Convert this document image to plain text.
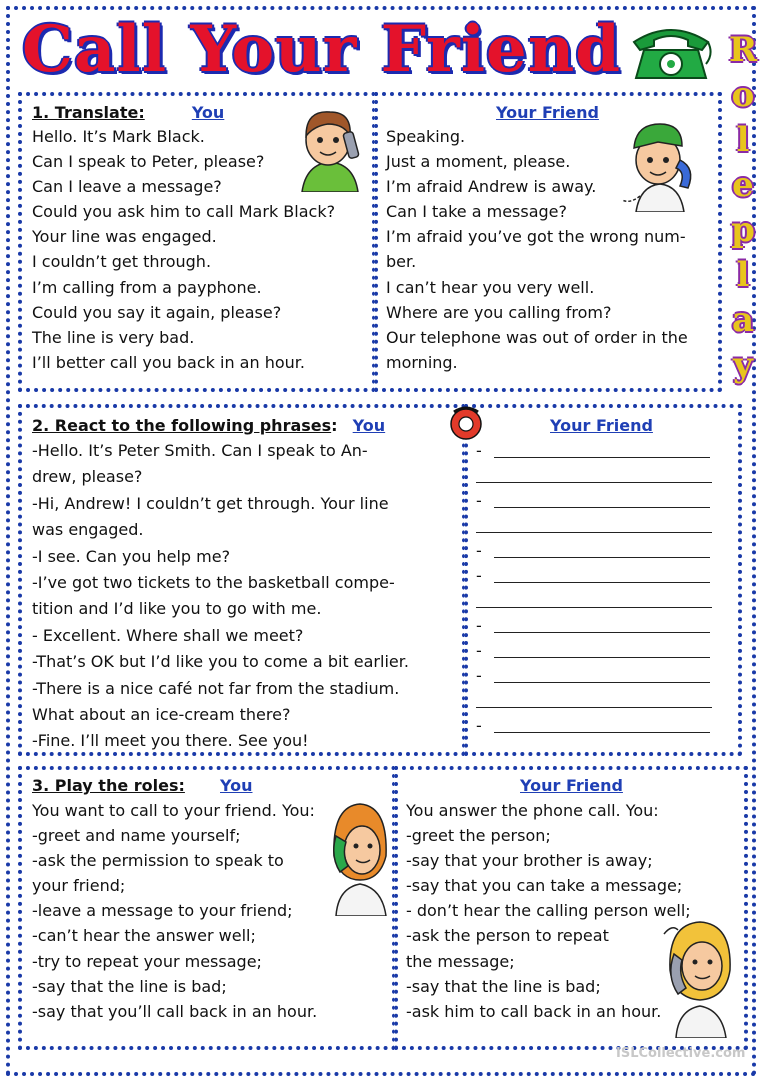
Call Your Friend	R
o
l
e
p
l
a
y
1. Translate:	You
Hello. It’s Mark Black.
Can I speak to Peter, please?
Can I leave a message?
Could you ask him to call Mark Black?
Your line was engaged.
I couldn’t get through.
I’m calling from a payphone.
Could you say it again, please?
The line is very bad.
I’ll better call you back in an hour.
Your Friend
Speaking.
Just a moment, please.
I’m afraid Andrew is away.
Can I take a message?
I’m afraid you’ve got the wrong num-
ber.
I can’t hear you very well.
Where are you calling from?
Our telephone was out of order in the
morning.
2. React to the following phrases: You
-Hello. It’s Peter Smith. Can I speak to An-
drew, please?
-Hi, Andrew! I couldn’t get through. Your line
was engaged.
-I see. Can you help me?
-I’ve got two tickets to the basketball compe-
tition and I’d like you to go with me.
- Excellent. Where shall we meet?
-That’s OK but I’d like you to come a bit earlier.
-There is a nice café not far from the stadium.
What about an ice-cream there?
-Fine. I’ll meet you there. See you!
Your Friend
-
-
-
-
-
-
-
-
3. Play the roles: You
You want to call to your friend. You:
-greet and name yourself;
-ask the permission to speak to
your friend;
-leave a message to your friend;
-can’t hear the answer well;
-try to repeat your message;
-say that the line is bad;
-say that you’ll call back in an hour.
Your Friend
You answer the phone call. You:
-greet the person;
-say that your brother is away;
-say that you can take a message;
- don’t hear the calling person well;
-ask the person to repeat
the message;
-say that the line is bad;
-ask him to call back in an hour.
ISLCollective.com
